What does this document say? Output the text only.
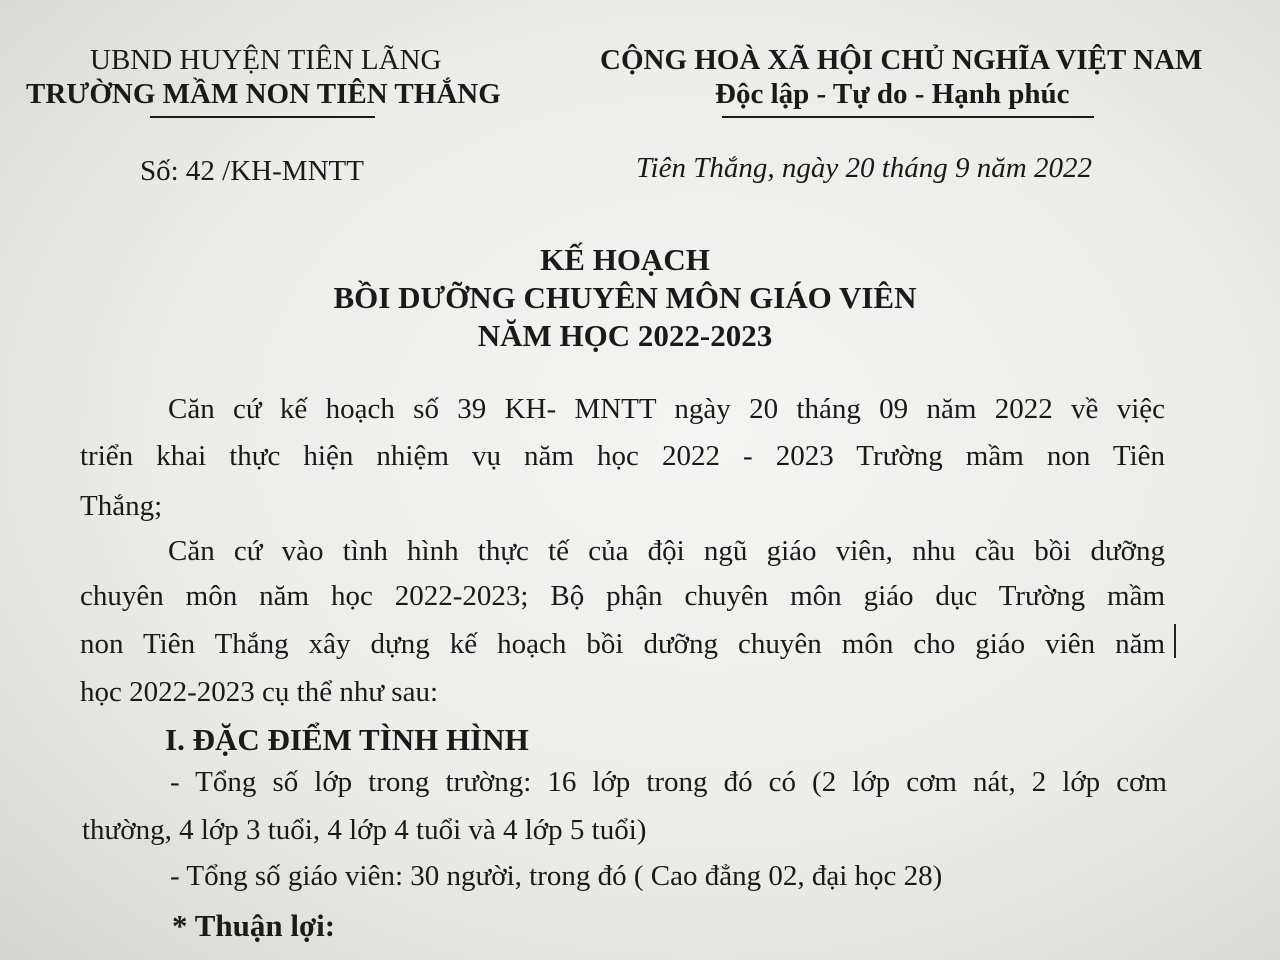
UBND HUYỆN TIÊN LÃNG
TRƯỜNG MẦM NON TIÊN THẮNG
CỘNG HOÀ XÃ HỘI CHỦ NGHĨA VIỆT NAM
Độc lập - Tự do - Hạnh phúc
Số: 42 /KH-MNTT	Tiên Thắng, ngày 20 tháng 9 năm 2022
KẾ HOẠCH
BỒI DƯỠNG CHUYÊN MÔN GIÁO VIÊN
NĂM HỌC 2022-2023
Căn cứ kế hoạch số 39 KH- MNTT ngày 20 tháng 09 năm 2022 về việc
triển khai thực hiện nhiệm vụ năm học 2022 - 2023 Trường mầm non Tiên
Thắng;
Căn cứ vào tình hình thực tế của đội ngũ giáo viên, nhu cầu bồi dưỡng
chuyên môn năm học 2022-2023; Bộ phận chuyên môn giáo dục Trường mầm
non Tiên Thắng xây dựng kế hoạch bồi dưỡng chuyên môn cho giáo viên năm
học 2022-2023 cụ thể như sau:
I. ĐẶC ĐIỂM TÌNH HÌNH
- Tổng số lớp trong trường: 16 lớp trong đó có (2 lớp cơm nát, 2 lớp cơm
thường, 4 lớp 3 tuổi, 4 lớp 4 tuổi và 4 lớp 5 tuổi)
- Tổng số giáo viên: 30 người, trong đó ( Cao đẳng 02, đại học 28)
* Thuận lợi:
